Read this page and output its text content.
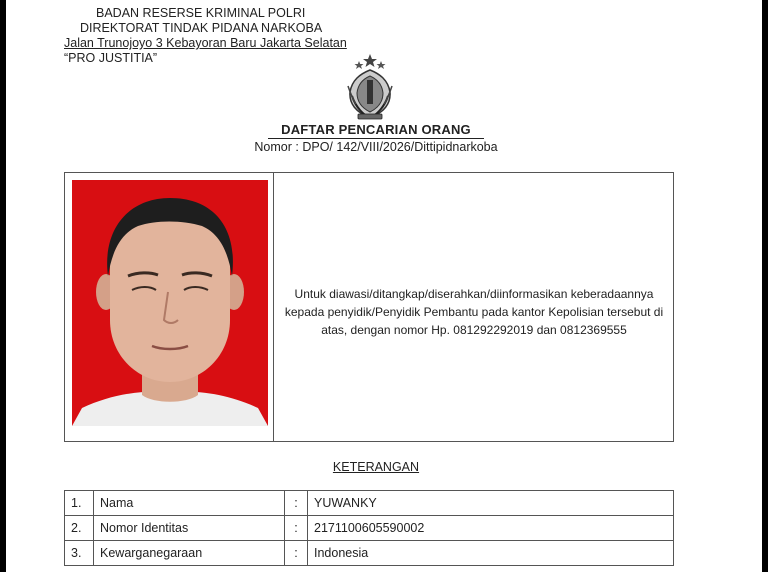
BADAN RESERSE KRIMINAL POLRI
DIREKTORAT TINDAK PIDANA NARKOBA
Jalan Trunojoyo 3 Kebayoran Baru Jakarta Selatan
“PRO JUSTITIA”
DAFTAR PENCARIAN ORANG
Nomor : DPO/ 142/VIII/2026/Dittipidnarkoba
Untuk diawasi/ditangkap/diserahkan/diinformasikan keberadaannya
kepada penyidik/Penyidik Pembantu pada kantor Kepolisian tersebut di
atas, dengan nomor Hp. 081292292019 dan 0812369555
KETERANGAN
1.	Nama	:	YUWANKY
2.	Nomor Identitas	:	2171100605590002
3.	Kewarganegaraan	:	Indonesia
